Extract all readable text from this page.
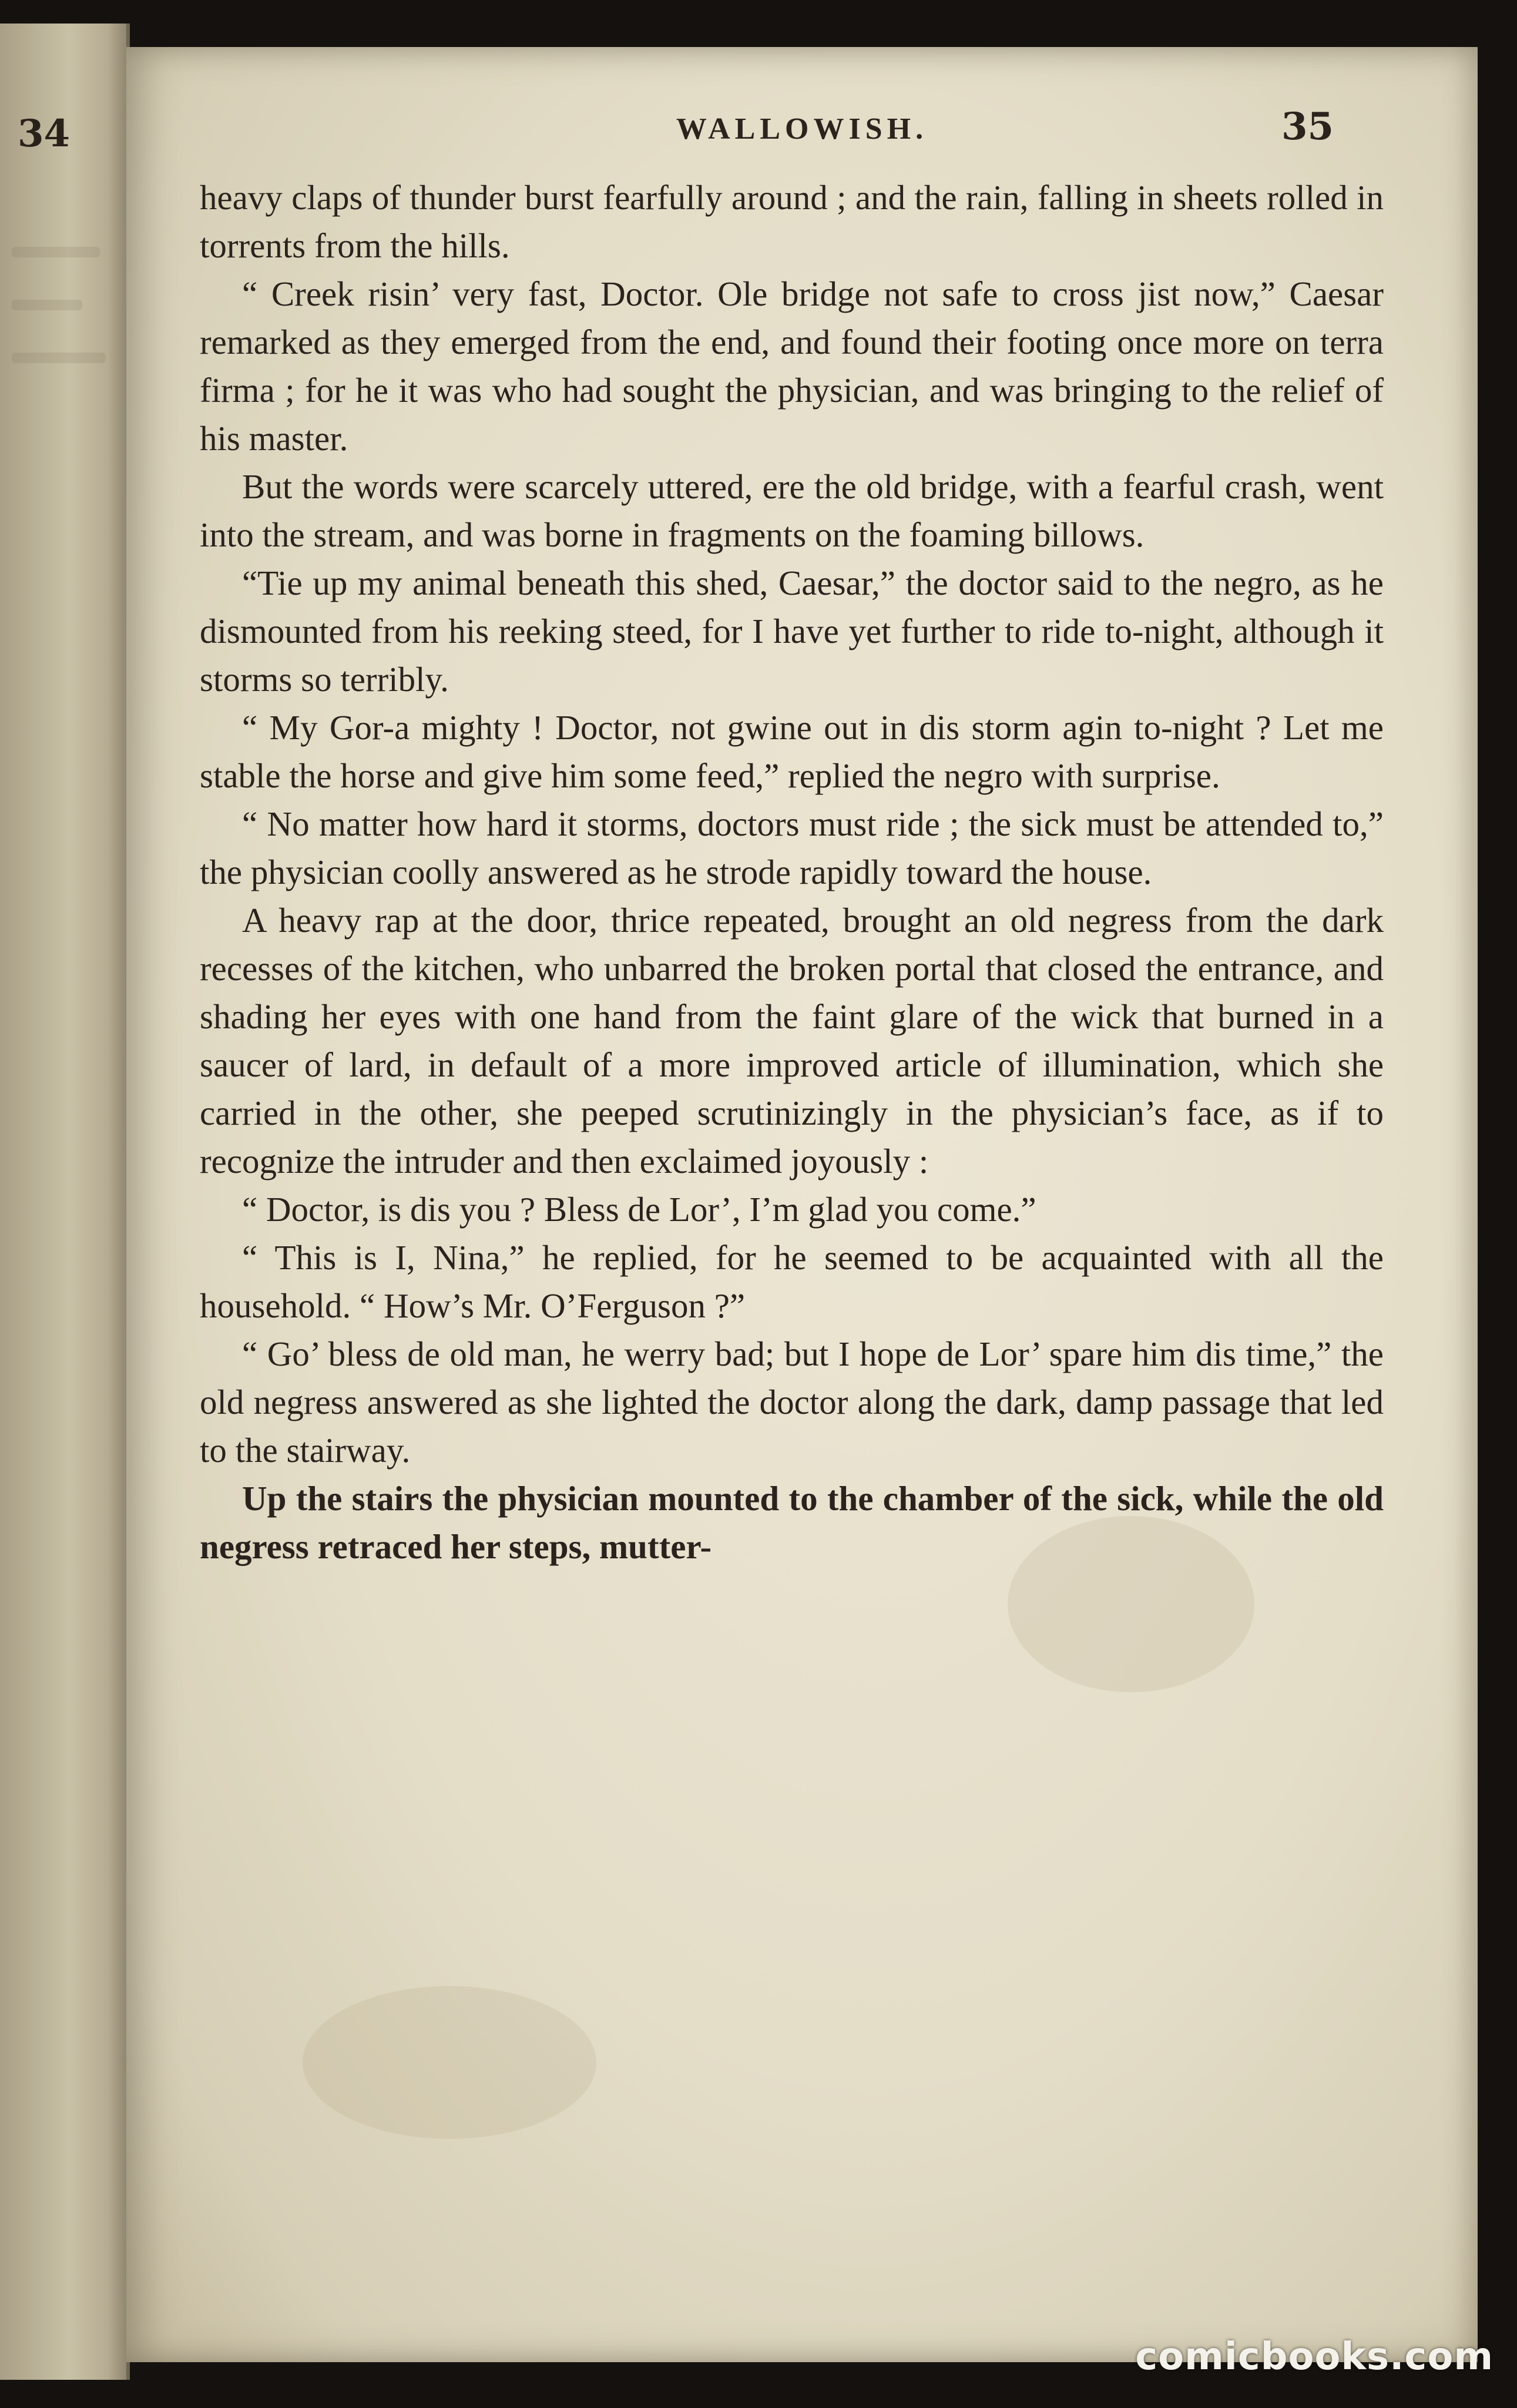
34	WALLOWISH.	35

heavy claps of thunder burst fearfully around ; and the rain, falling in sheets rolled in torrents from the hills.

“ Creek risin’ very fast, Doctor. Ole bridge not safe to cross jist now,” Caesar remarked as they emerged from the end, and found their footing once more on terra firma ; for he it was who had sought the physician, and was bringing to the relief of his master.

But the words were scarcely uttered, ere the old bridge, with a fearful crash, went into the stream, and was borne in fragments on the foaming billows.

“Tie up my animal beneath this shed, Caesar,” the doctor said to the negro, as he dismounted from his reeking steed, for I have yet further to ride to-night, although it storms so terribly.

“ My Gor-a mighty ! Doctor, not gwine out in dis storm agin to-night ? Let me stable the horse and give him some feed,” replied the negro with surprise.

“ No matter how hard it storms, doctors must ride ; the sick must be attended to,” the physician coolly answered as he strode rapidly toward the house.

A heavy rap at the door, thrice repeated, brought an old negress from the dark recesses of the kitchen, who unbarred the broken portal that closed the entrance, and shading her eyes with one hand from the faint glare of the wick that burned in a saucer of lard, in default of a more improved article of illumination, which she carried in the other, she peeped scrutinizingly in the physician’s face, as if to recognize the intruder and then exclaimed joyously :

“ Doctor, is dis you ? Bless de Lor’, I’m glad you come.”

“ This is I, Nina,” he replied, for he seemed to be acquainted with all the household. “ How’s Mr. O’Ferguson ?”

“ Go’ bless de old man, he werry bad; but I hope de Lor’ spare him dis time,” the old negress answered as she lighted the doctor along the dark, damp passage that led to the stairway.

Up the stairs the physician mounted to the chamber of the sick, while the old negress retraced her steps, mutter-

comicbooks.com
